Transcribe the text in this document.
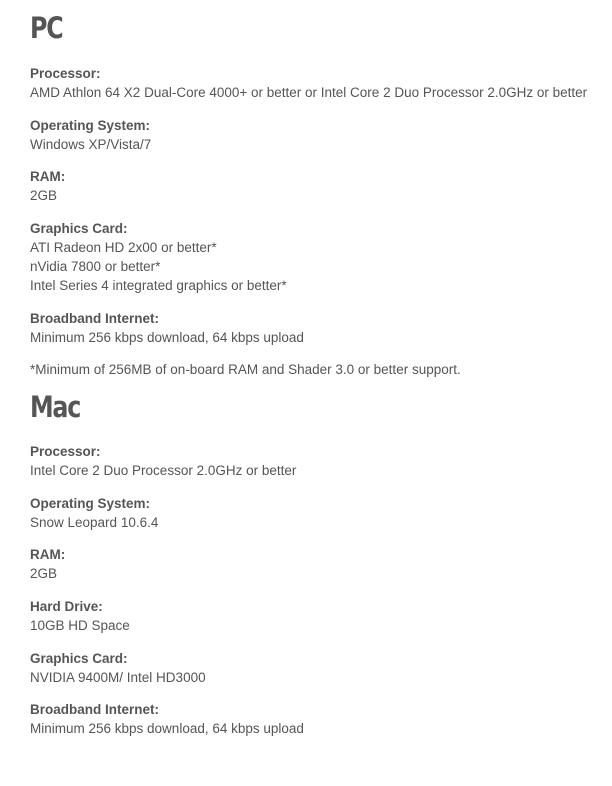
PC
Processor:
AMD Athlon 64 X2 Dual-Core 4000+ or better or Intel Core 2 Duo Processor 2.0GHz or better
Operating System:
Windows XP/Vista/7
RAM:
2GB
Graphics Card:
ATI Radeon HD 2x00 or better*
nVidia 7800 or better*
Intel Series 4 integrated graphics or better*
Broadband Internet:
Minimum 256 kbps download, 64 kbps upload
*Minimum of 256MB of on-board RAM and Shader 3.0 or better support.
Mac
Processor:
Intel Core 2 Duo Processor 2.0GHz or better
Operating System:
Snow Leopard 10.6.4
RAM:
2GB
Hard Drive:
10GB HD Space
Graphics Card:
NVIDIA 9400M/ Intel HD3000
Broadband Internet:
Minimum 256 kbps download, 64 kbps upload
